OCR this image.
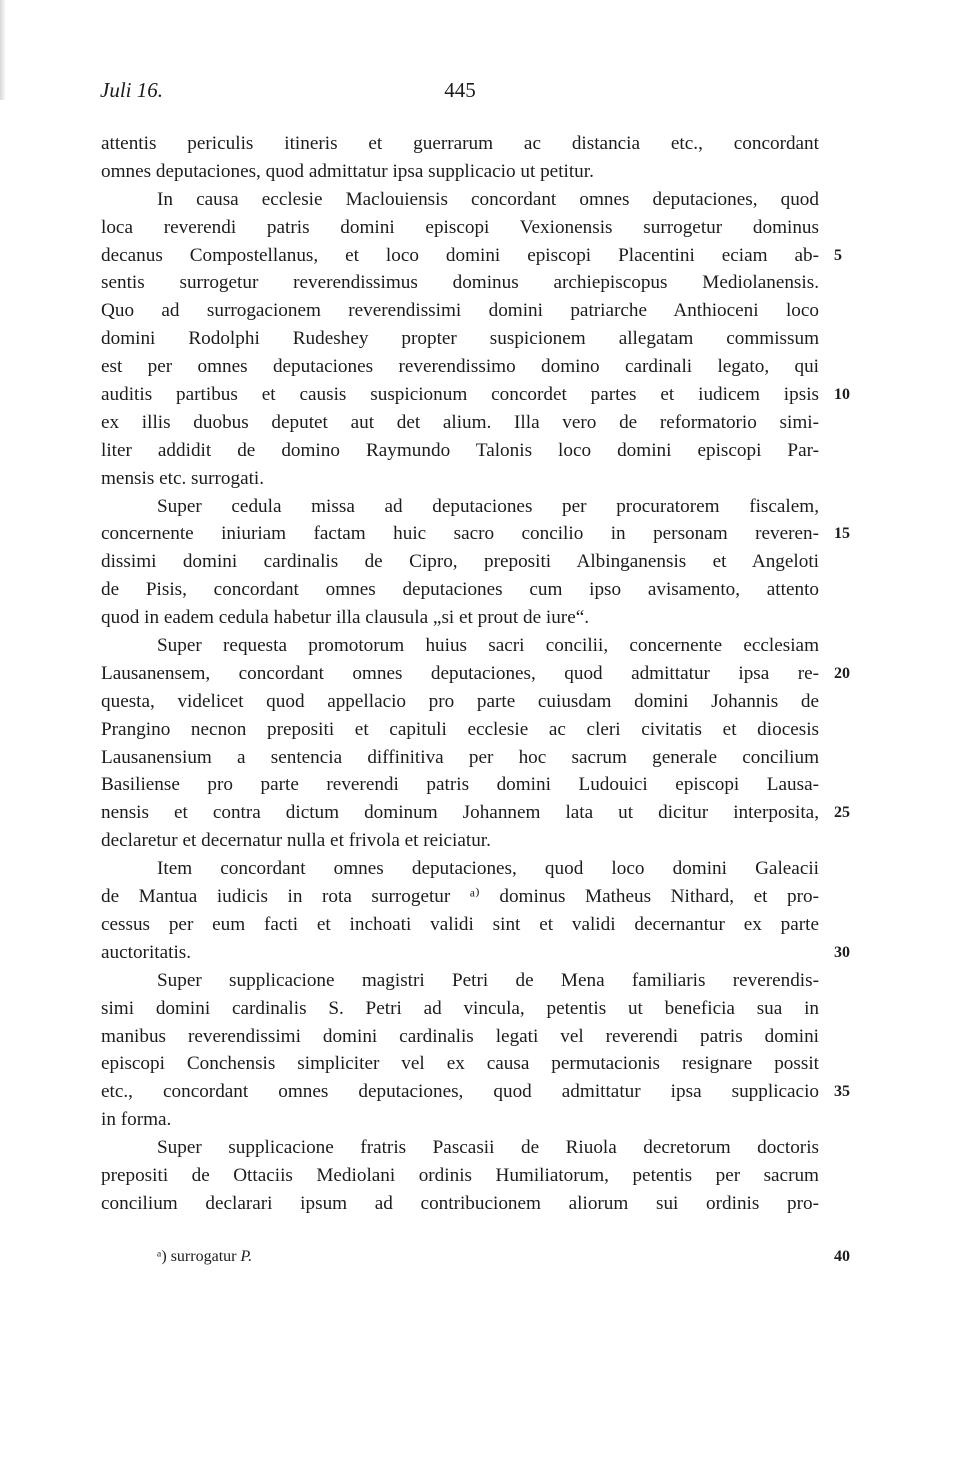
Juli 16.	445
attentis periculis itineris et guerrarum ac distancia etc., concordant
omnes deputaciones, quod admittatur ipsa supplicacio ut petitur.
In causa ecclesie Maclouiensis concordant omnes deputaciones, quod
loca reverendi patris domini episcopi Vexionensis surrogetur dominus
decanus Compostellanus, et loco domini episcopi Placentini eciam ab- 5
sentis surrogetur reverendissimus dominus archiepiscopus Mediolanensis.
Quo ad surrogacionem reverendissimi domini patriarche Anthioceni loco
domini Rodolphi Rudeshey propter suspicionem allegatam commissum
est per omnes deputaciones reverendissimo domino cardinali legato, qui
auditis partibus et causis suspicionum concordet partes et iudicem ipsis 10
ex illis duobus deputet aut det alium. Illa vero de reformatorio simi-
liter addidit de domino Raymundo Talonis loco domini episcopi Par-
mensis etc. surrogati.
Super cedula missa ad deputaciones per procuratorem fiscalem,
concernente iniuriam factam huic sacro concilio in personam reveren- 15
dissimi domini cardinalis de Cipro, prepositi Albinganensis et Angeloti
de Pisis, concordant omnes deputaciones cum ipso avisamento, attento
quod in eadem cedula habetur illa clausula „si et prout de iure“.
Super requesta promotorum huius sacri concilii, concernente ecclesiam
Lausanensem, concordant omnes deputaciones, quod admittatur ipsa re- 20
questa, videlicet quod appellacio pro parte cuiusdam domini Johannis de
Prangino necnon prepositi et capituli ecclesie ac cleri civitatis et diocesis
Lausanensium a sentencia diffinitiva per hoc sacrum generale concilium
Basiliense pro parte reverendi patris domini Ludouici episcopi Lausa-
nensis et contra dictum dominum Johannem lata ut dicitur interposita, 25
declaretur et decernatur nulla et frivola et reiciatur.
Item concordant omnes deputaciones, quod loco domini Galeacii
de Mantua iudicis in rota surrogetur ᵃ⁾ dominus Matheus Nithard, et pro-
cessus per eum facti et inchoati validi sint et validi decernantur ex parte
auctoritatis.	30
Super supplicacione magistri Petri de Mena familiaris reverendis-
simi domini cardinalis S. Petri ad vincula, petentis ut beneficia sua in
manibus reverendissimi domini cardinalis legati vel reverendi patris domini
episcopi Conchensis simpliciter vel ex causa permutacionis resignare possit
etc., concordant omnes deputaciones, quod admittatur ipsa supplicacio 35
in forma.
Super supplicacione fratris Pascasii de Riuola decretorum doctoris
prepositi de Ottaciis Mediolani ordinis Humiliatorum, petentis per sacrum
concilium declarari ipsum ad contribucionem aliorum sui ordinis pro-
ᵃ) surrogatur P.	40
